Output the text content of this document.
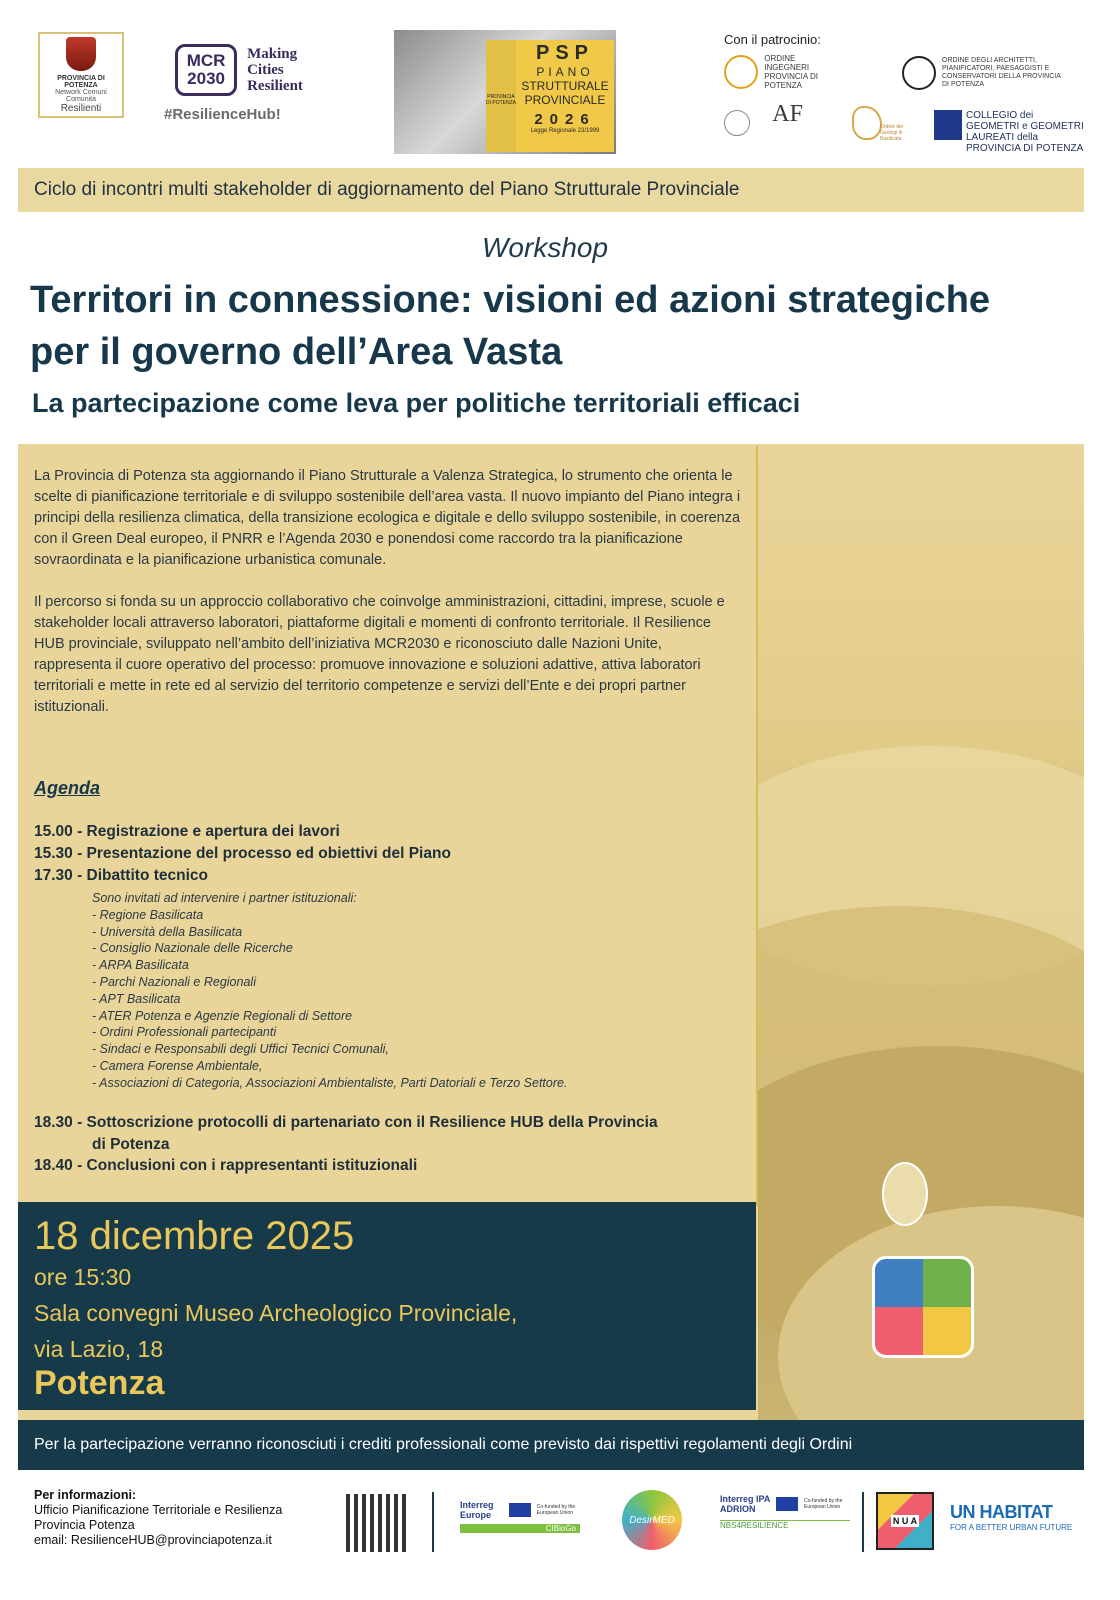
PROVINCIA DI POTENZA
Network Comuni Comunità
Resilienti
MCR 2030
Making
Cities
Resilient
#ResilienceHub!
PROVINCIA DI POTENZA
PSP
PIANO
STRUTTURALE
PROVINCIALE
2026
Legge Regionale 23/1999
Con il patrocinio:
ORDINE INGEGNERI PROVINCIA DI POTENZA
ORDINE DEGLI ARCHITETTI, PIANIFICATORI, PAESAGGISTI E CONSERVATORI DELLA PROVINCIA DI POTENZA
AF	Ordine dei Geologi di Basilicata
COLLEGIO dei GEOMETRI e GEOMETRI LAUREATI della PROVINCIA DI POTENZA
Ciclo di incontri multi stakeholder di aggiornamento del Piano Strutturale Provinciale
Workshop
Territori in connessione: visioni ed azioni strategiche
per il governo dell’Area Vasta
La partecipazione come leva per politiche territoriali efficaci

La Provincia di Potenza sta aggiornando il Piano Strutturale a Valenza Strategica, lo strumento che orienta le scelte di pianificazione territoriale e di sviluppo sostenibile dell’area vasta. Il nuovo impianto del Piano integra i principi della resilienza climatica, della transizione ecologica e digitale e dello sviluppo sostenibile, in coerenza con il Green Deal europeo, il PNRR e l’Agenda 2030 e ponendosi come raccordo tra la pianificazione sovraordinata e la pianificazione urbanistica comunale.

Il percorso si fonda su un approccio collaborativo che coinvolge amministrazioni, cittadini, imprese, scuole e stakeholder locali attraverso laboratori, piattaforme digitali e momenti di confronto territoriale. Il Resilience HUB provinciale, sviluppato nell’ambito dell’iniziativa MCR2030 e riconosciuto dalle Nazioni Unite, rappresenta il cuore operativo del processo: promuove innovazione e soluzioni adattive, attiva laboratori territoriali e mette in rete ed al servizio del territorio competenze e servizi dell’Ente e dei propri partner istituzionali.

Agenda
15.00 - Registrazione e apertura dei lavori
15.30 - Presentazione del processo ed obiettivi del Piano
17.30 - Dibattito tecnico
Sono invitati ad intervenire i partner istituzionali:
- Regione Basilicata
- Università della Basilicata
- Consiglio Nazionale delle Ricerche
- ARPA Basilicata
- Parchi Nazionali e Regionali
- APT Basilicata
- ATER Potenza e Agenzie Regionali di Settore
- Ordini Professionali partecipanti
- Sindaci e Responsabili degli Uffici Tecnici Comunali,
- Camera Forense Ambientale,
- Associazioni di Categoria, Associazioni Ambientaliste, Parti Datoriali e Terzo Settore.
18.30 - Sottoscrizione protocolli di partenariato con il Resilience HUB della Provincia
di Potenza
18.40 - Conclusioni con i rappresentanti istituzionali
18 dicembre 2025
ore 15:30
Sala convegni Museo Archeologico Provinciale,
via Lazio, 18
Potenza
Per la partecipazione verranno riconosciuti i crediti professionali come previsto dai rispettivi regolamenti degli Ordini
Per informazioni:
Ufficio Pianificazione Territoriale e Resilienza
Provincia Potenza
email: ResilienceHUB@provinciapotenza.it
Interreg Europe
Co-funded by the European Union
CIBioGo
DesirMED
Interreg IPA ADRION
Co-funded by the European Union
NBS4RESILIENCE	N U A UN HABITAT
FOR A BETTER URBAN FUTURE
